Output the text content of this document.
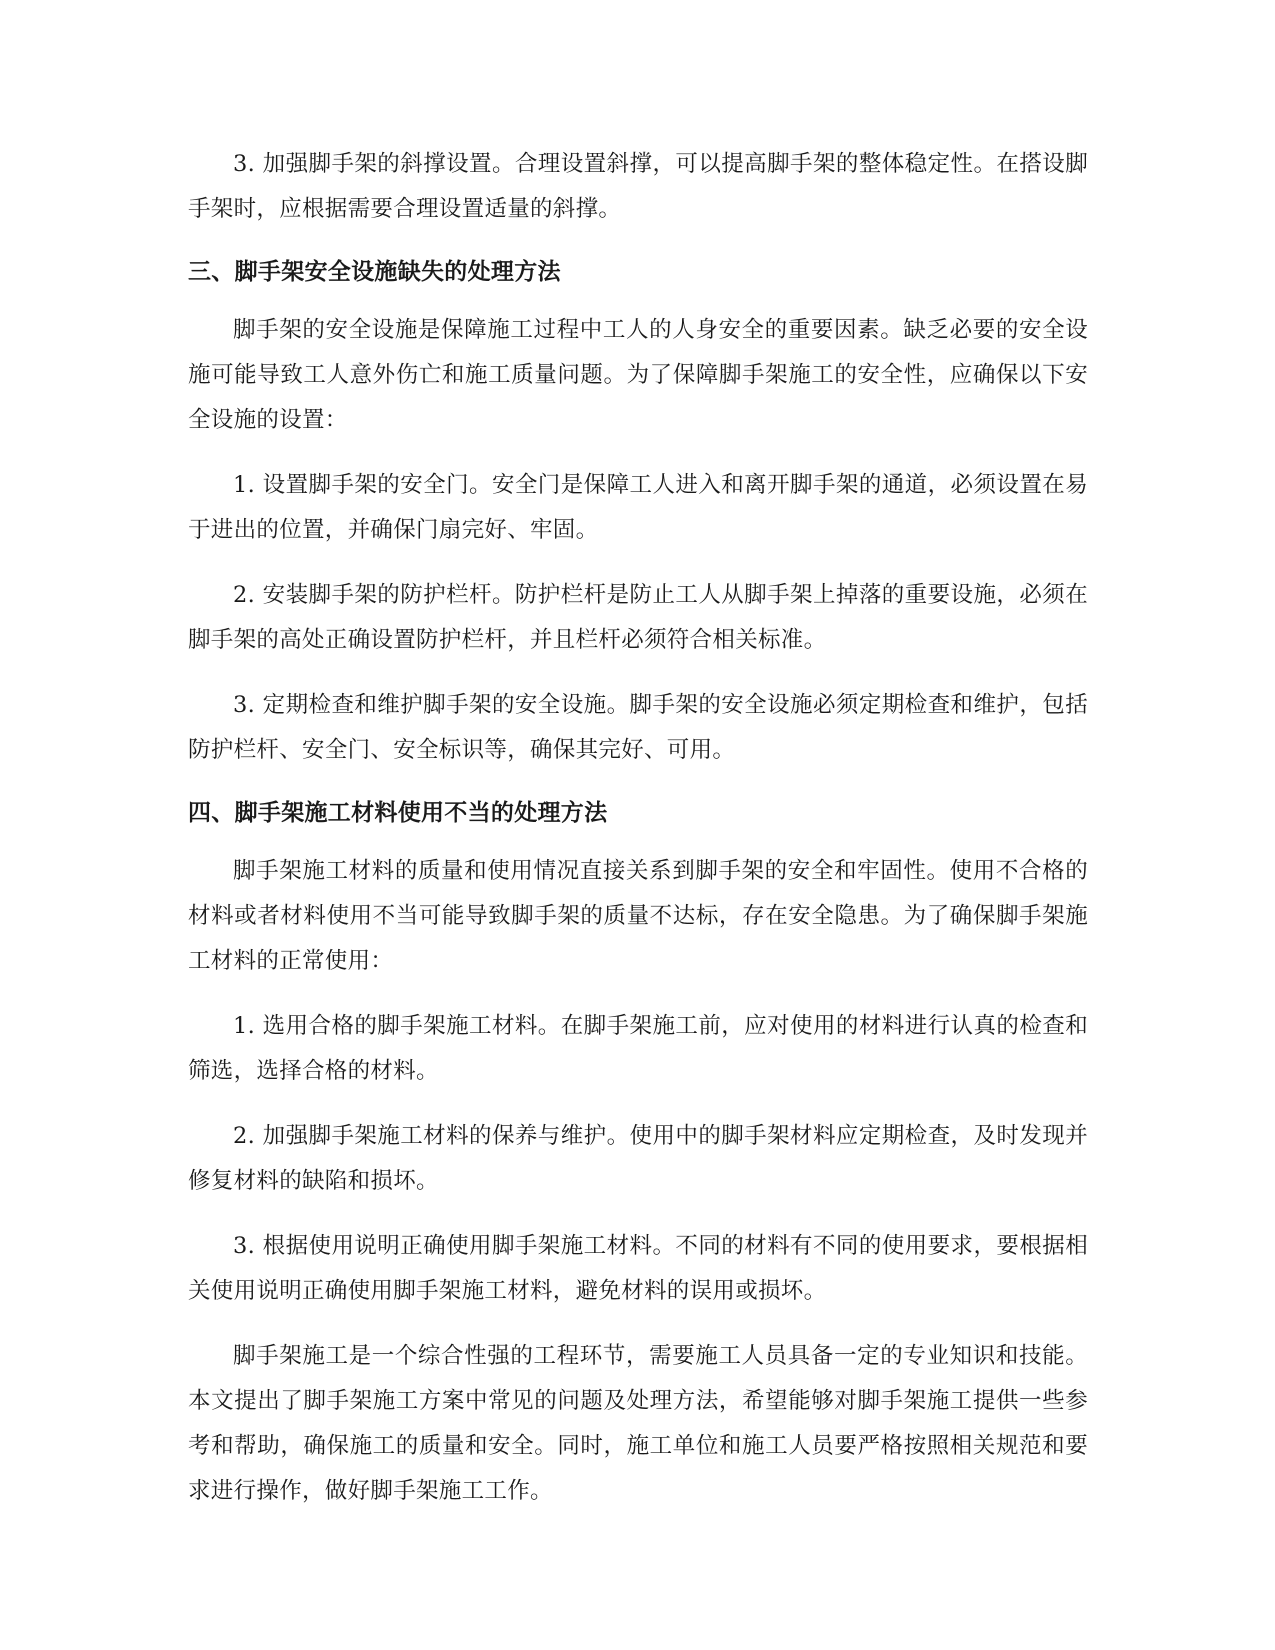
3. 加强脚手架的斜撑设置。合理设置斜撑，可以提高脚手架的整体稳定性。在搭设脚手架时，应根据需要合理设置适量的斜撑。

三、脚手架安全设施缺失的处理方法

脚手架的安全设施是保障施工过程中工人的人身安全的重要因素。缺乏必要的安全设施可能导致工人意外伤亡和施工质量问题。为了保障脚手架施工的安全性，应确保以下安全设施的设置：

1. 设置脚手架的安全门。安全门是保障工人进入和离开脚手架的通道，必须设置在易于进出的位置，并确保门扇完好、牢固。

2. 安装脚手架的防护栏杆。防护栏杆是防止工人从脚手架上掉落的重要设施，必须在脚手架的高处正确设置防护栏杆，并且栏杆必须符合相关标准。

3. 定期检查和维护脚手架的安全设施。脚手架的安全设施必须定期检查和维护，包括防护栏杆、安全门、安全标识等，确保其完好、可用。

四、脚手架施工材料使用不当的处理方法

脚手架施工材料的质量和使用情况直接关系到脚手架的安全和牢固性。使用不合格的材料或者材料使用不当可能导致脚手架的质量不达标，存在安全隐患。为了确保脚手架施工材料的正常使用：

1. 选用合格的脚手架施工材料。在脚手架施工前，应对使用的材料进行认真的检查和筛选，选择合格的材料。

2. 加强脚手架施工材料的保养与维护。使用中的脚手架材料应定期检查，及时发现并修复材料的缺陷和损坏。

3. 根据使用说明正确使用脚手架施工材料。不同的材料有不同的使用要求，要根据相关使用说明正确使用脚手架施工材料，避免材料的误用或损坏。

脚手架施工是一个综合性强的工程环节，需要施工人员具备一定的专业知识和技能。本文提出了脚手架施工方案中常见的问题及处理方法，希望能够对脚手架施工提供一些参考和帮助，确保施工的质量和安全。同时，施工单位和施工人员要严格按照相关规范和要求进行操作，做好脚手架施工工作。
